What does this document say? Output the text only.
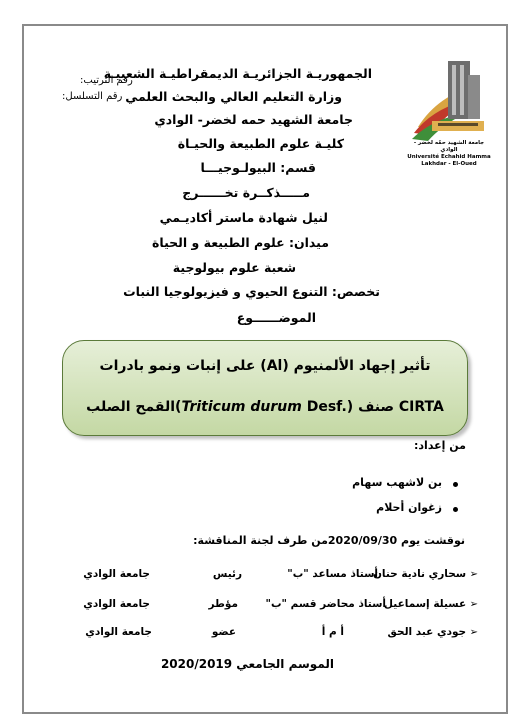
رقم الترتيب:
رقم التسلسل:
الجمهوريـة الجزائريـة الديمقراطيـة الشعبيـة
وزارة التعليم العالي والبحث العلمي
جامعة الشهيد حمه لخضر- الوادي
كليـة علوم الطبيعة والحيـاة
قسم: البيولـوجيـــا
مـــــذكــرة تخــــــرج
لنيل شهادة ماستر أكاديـمي
ميدان: علوم الطبيعة و الحياة
شعبة علوم بيولوجية
تخصص: التنوع الحيوي و فيزيولوجيا النبات
الموضــــــوع
جامعة الشهيد حمّه لخضر - الوادي
Université Echahid Hamma Lakhdar - El-Oued
تأثير إجهاد الألمنيوم (Al) على إنبات ونمو بادرات
القمح الصلب(Triticum durum Desf.) صنف CIRTA
من إعداد:
بن لاشهب سهام
زغوان أحلام
نوقشت يوم 2020/09/30من طرف لجنة المناقشة:
➢ سحاري نادية حنان
أستاذ مساعد "ب"
رئيس
جامعة الوادي
➢ عسيلة إسماعيل
أستاذ محاضر قسم "ب"
مؤطر
جامعة الوادي
➢ جودي عبد الحق
أ م أ
عضو
جامعة الوادي
الموسم الجامعي 2020/2019
